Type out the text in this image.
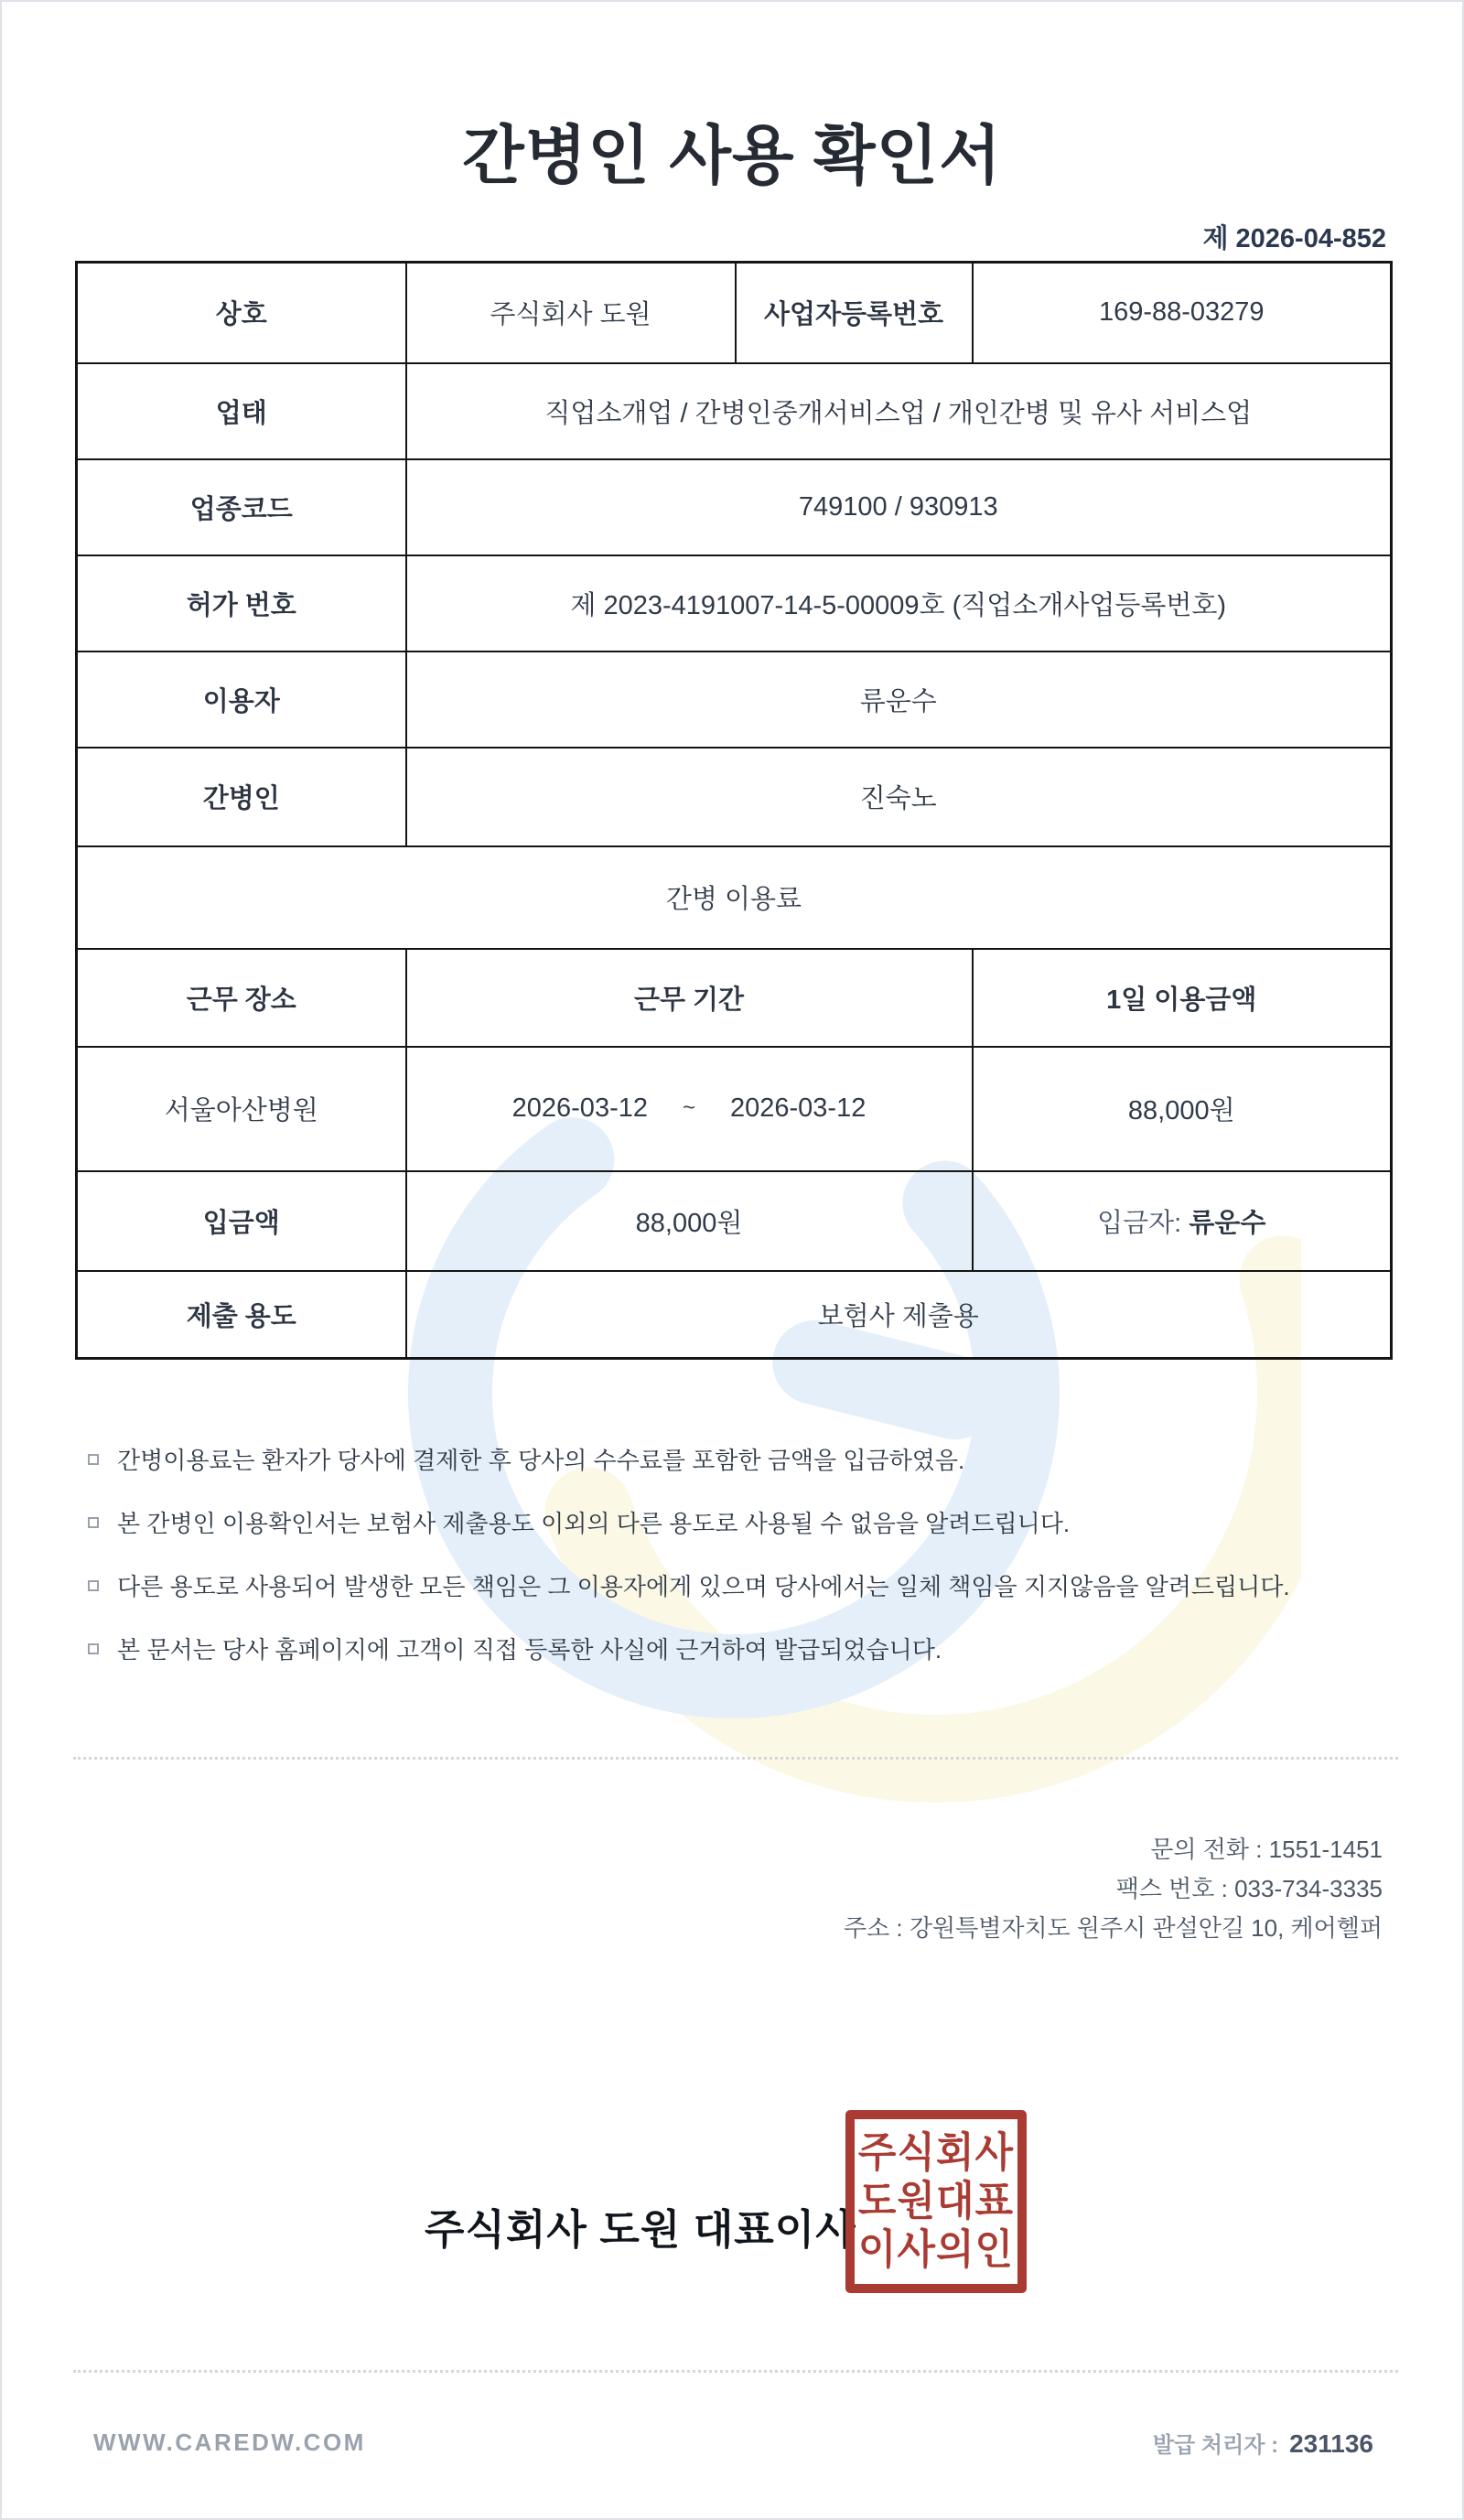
간병인 사용 확인서
제 2026-04-852
상호	주식회사 도원	사업자등록번호	169-88-03279
업태	직업소개업 / 간병인중개서비스업 / 개인간병 및 유사 서비스업		
업종코드	749100 / 930913		
허가 번호	제 2023-4191007-14-5-00009호 (직업소개사업등록번호)		
이용자	류운수		
간병인	진숙노		
간병 이용료			
근무 장소	근무 기간		1일 이용금액
서울아산병원	2026-03-12 ~ 2026-03-12		88,000원
입금액	88,000원		입금자: 류운수
제출 용도	보험사 제출용		
간병이용료는 환자가 당사에 결제한 후 당사의 수수료를 포함한 금액을 입금하였음.
본 간병인 이용확인서는 보험사 제출용도 이외의 다른 용도로 사용될 수 없음을 알려드립니다.
다른 용도로 사용되어 발생한 모든 책임은 그 이용자에게 있으며 당사에서는 일체 책임을 지지않음을 알려드립니다.
본 문서는 당사 홈페이지에 고객이 직접 등록한 사실에 근거하여 발급되었습니다.
문의 전화 : 1551-1451
팩스 번호 : 033-734-3335
주소 : 강원특별자치도 원주시 관설안길 10, 케어헬퍼
주식회사 도원 대표이사
주식회사
도원대표
이사의인
WWW.CAREDW.COM	발급 처리자 : 231136
